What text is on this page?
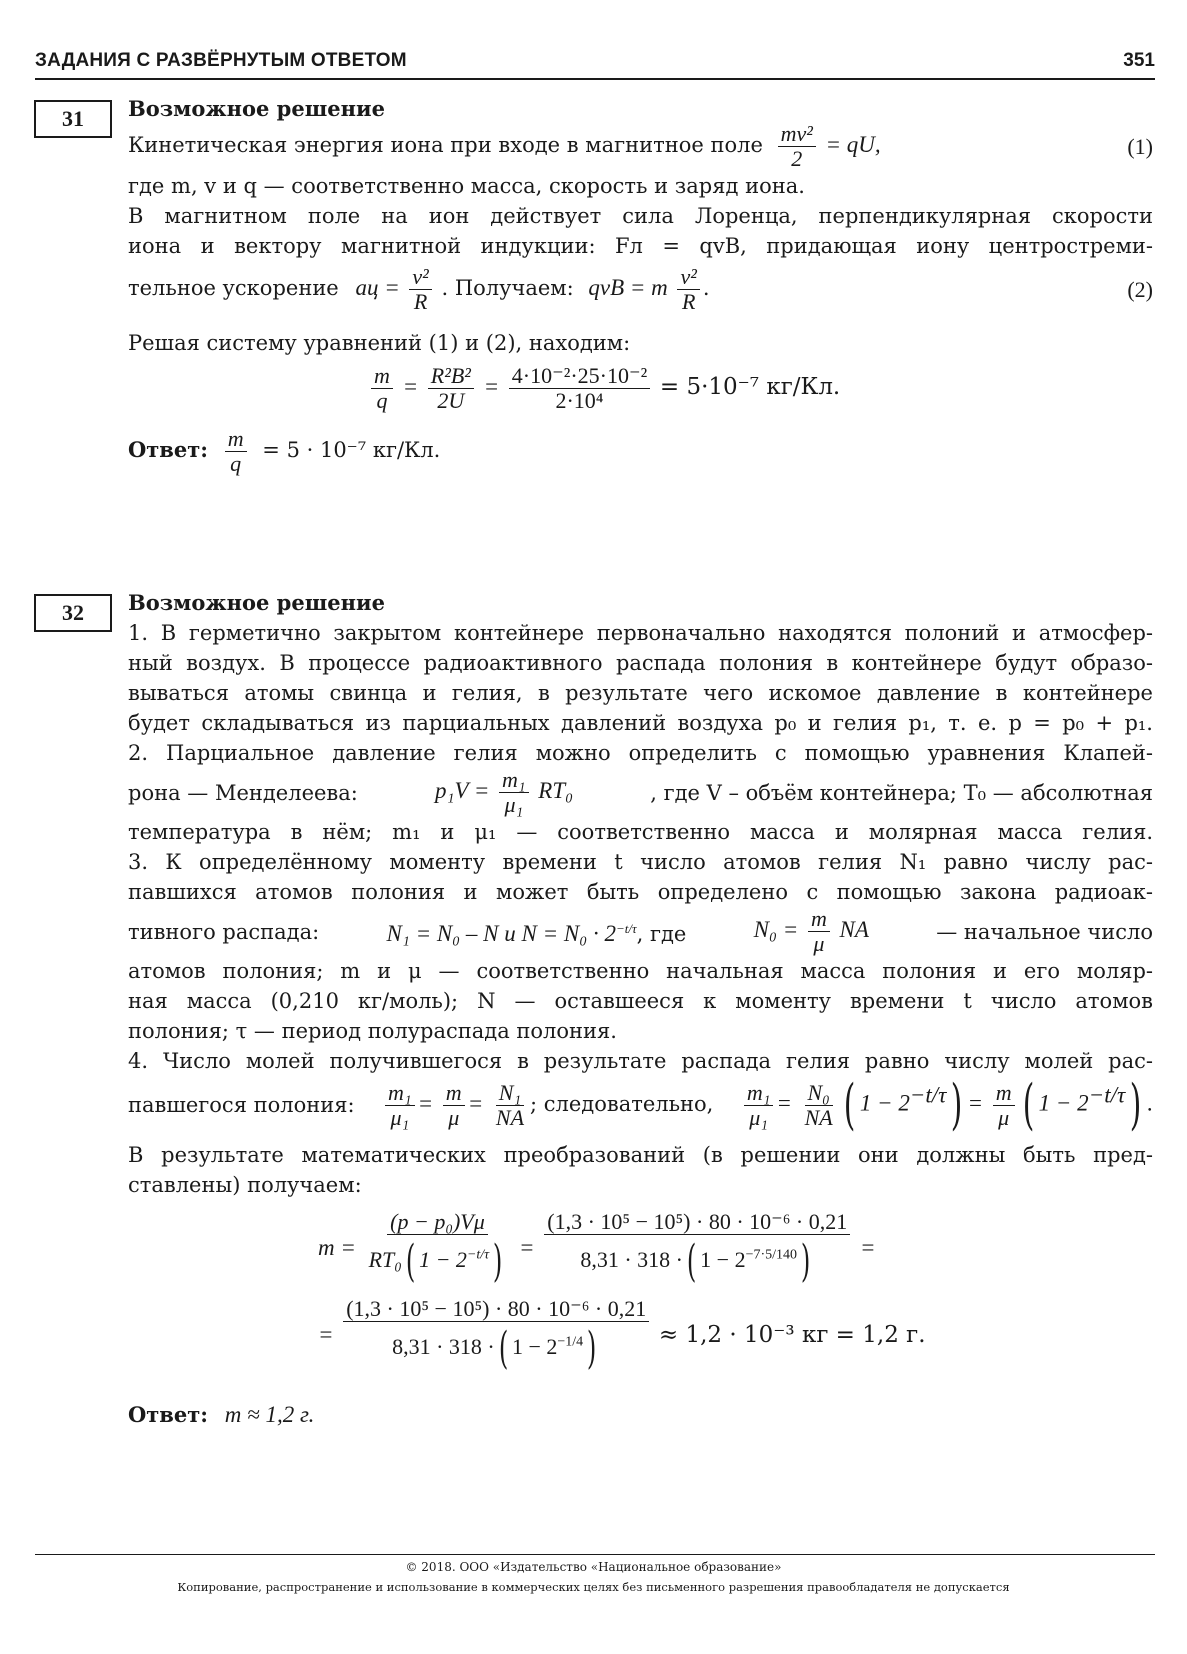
ЗАДАНИЯ С РАЗВЁРНУТЫМ ОТВЕТОМ	351
31	Возможное решение
Кинетическая энергия иона при входе в магнитное поле $\frac{\text{mv²}}{2}$ = qU,	(1)
где m, v и q — соответственно масса, скорость и заряд иона.
В магнитном поле на ион действует сила Лоренца, перпендикулярная скорости
иона и вектору магнитной индукции: Fл = qvB, придающая иону центростреми-
тельное ускорение aц = $\frac{\text{v²}}{R}$ . Получаем: qvB = m $\frac{\text{v²}}{R}$ .	(2)
Решая систему уравнений (1) и (2), находим:
$\frac{m}{q} = \frac{\text{R²B²}}{2U} = \frac{\text{4·10⁻²·25·10⁻²}}{\text{2·10⁴}} = 5\cdot 10^{-7}$ кг/Кл.
Ответ: $\frac{m}{q} = 5 \cdot 10^{-7}$ кг/Кл.
32	Возможное решение
1. В герметично закрытом контейнере первоначально находятся полоний и атмосфер-
ный воздух. В процессе радиоактивного распада полония в контейнере будут образо-
вываться атомы свинца и гелия, в результате чего искомое давление в контейнере
будет складываться из парциальных давлений воздуха p₀ и гелия p₁, т. е. p = p₀ + p₁.
2. Парциальное давление гелия можно определить с помощью уравнения Клапей-
рона — Менделеева:	$p_1V = \frac{\text{m₁}}{\text{μ₁}} RT_0$	, где V – объём контейнера; T₀ — абсолютная
температура в нём; m₁ и μ₁ — соответственно масса и молярная масса гелия.
3. К определённому моменту времени t число атомов гелия N₁ равно числу рас-
павшихся атомов полония и может быть определено с помощью закона радиоак-
тивного распада:	N₁ = N₀ – N и $N = N_0 \cdot 2^{-t/\tau}$, где	$N_0 = \frac{m}{\mu}$ NA	— начальное число
атомов полония; m и μ — соответственно начальная масса полония и его моляр-
ная масса (0,210 кг/моль); N — оставшееся к моменту времени t число атомов
полония; τ — период полураспада полония.
4. Число молей получившегося в результате распада гелия равно числу молей рас-
павшегося полония: $\frac{\text{m₁}}{\text{μ₁}} = \frac{m}{\mu} = \frac{\text{N₁}}{NA}$ ; следовательно, $\frac{\text{m₁}}{\text{μ₁}} = \frac{\text{N₀}}{NA}$ ( $1 - 2^{-t/\tau}) = \frac{m}{\mu}$ ( $1 - 2^{-t/\tau}$) .
В результате математических преобразований (в решении они должны быть пред-
ставлены) получаем:
$m = \frac{\text{(p − p₀)Vμ}}{RT_0( 1 - 2^{-t/\tau})} = \frac{\text{(1,3 · 10⁵ − 10⁵) · 80 · 10⁻⁶ · 0,21}}{8,31 \cdot 318 \cdot( 1 - 2^{-7\cdot 5/140})}$ =
= $\frac{\text{(1,3 · 10⁵ − 10⁵) · 80 · 10⁻⁶ · 0,21}}{8,31 \cdot 318 \cdot( 1 - 2^{-1/4})} \approx 1,2 \cdot 10^{-3}$ кг = 1,2 г.
Ответ: m ≈ 1,2 г.
© 2018. ООО «Издательство «Национальное образование»
Копирование, распространение и использование в коммерческих целях без письменного разрешения правообладателя не допускается
